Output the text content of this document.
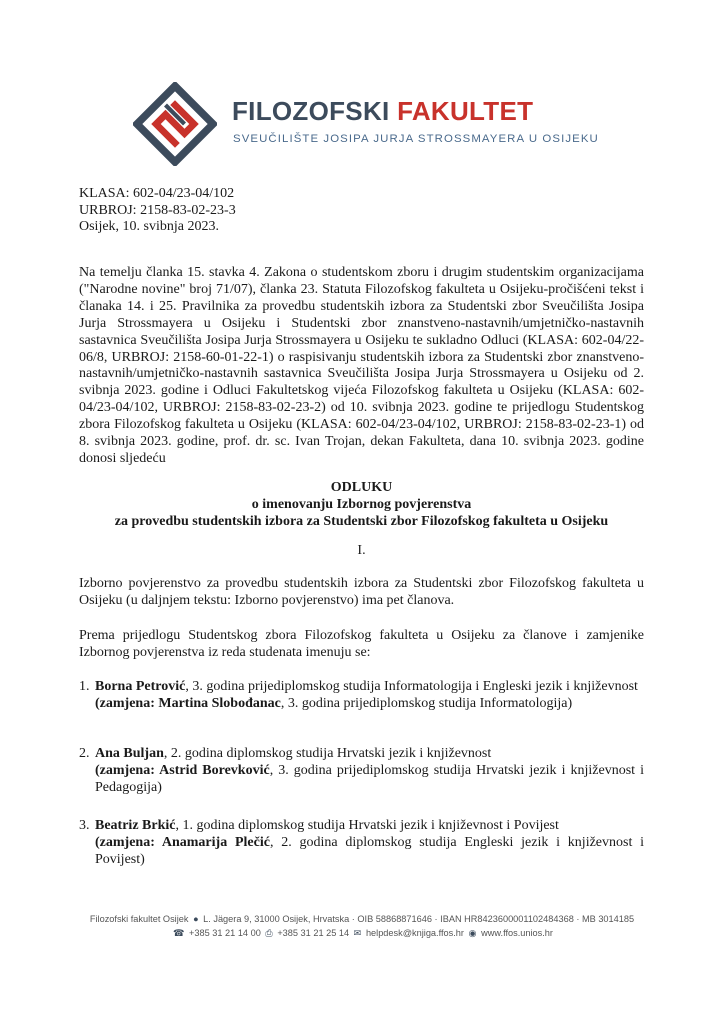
FILOZOFSKI FAKULTET
SVEUČILIŠTE JOSIPA JURJA STROSSMAYERA U OSIJEKU
KLASA: 602-04/23-04/102
URBROJ: 2158-83-02-23-3
Osijek, 10. svibnja 2023.
Na temelju članka 15. stavka 4. Zakona o studentskom zboru i drugim studentskim organizacijama ("Narodne novine" broj 71/07), članka 23. Statuta Filozofskog fakulteta u Osijeku-pročišćeni tekst i članaka 14. i 25. Pravilnika za provedbu studentskih izbora za Studentski zbor Sveučilišta Josipa Jurja Strossmayera u Osijeku i Studentski zbor znanstveno-nastavnih/umjetničko-nastavnih sastavnica Sveučilišta Josipa Jurja Strossmayera u Osijeku te sukladno Odluci (KLASA: 602-04/22-06/8, URBROJ: 2158-60-01-22-1) o raspisivanju studentskih izbora za Studentski zbor znanstveno-nastavnih/umjetničko-nastavnih sastavnica Sveučilišta Josipa Jurja Strossmayera u Osijeku od 2. svibnja 2023. godine i Odluci Fakultetskog vijeća Filozofskog fakulteta u Osijeku (KLASA: 602-04/23-04/102, URBROJ: 2158-83-02-23-2) od 10. svibnja 2023. godine te prijedlogu Studentskog zbora Filozofskog fakulteta u Osijeku (KLASA: 602-04/23-04/102, URBROJ: 2158-83-02-23-1) od 8. svibnja 2023. godine, prof. dr. sc. Ivan Trojan, dekan Fakulteta, dana 10. svibnja 2023. godine donosi sljedeću
ODLUKU
o imenovanju Izbornog povjerenstva
za provedbu studentskih izbora za Studentski zbor Filozofskog fakulteta u Osijeku
I.
Izborno povjerenstvo za provedbu studentskih izbora za Studentski zbor Filozofskog fakulteta u Osijeku (u daljnjem tekstu: Izborno povjerenstvo) ima pet članova.
Prema prijedlogu Studentskog zbora Filozofskog fakulteta u Osijeku za članove i zamjenike Izbornog povjerenstva iz reda studenata imenuju se:
1. Borna Petrović, 3. godina prijediplomskog studija Informatologija i Engleski jezik i književnost
(zamjena: Martina Slobođanac, 3. godina prijediplomskog studija Informatologija)
2. Ana Buljan, 2. godina diplomskog studija Hrvatski jezik i književnost
(zamjena: Astrid Borevković, 3. godina prijediplomskog studija Hrvatski jezik i književnost i Pedagogija)
3. Beatriz Brkić, 1. godina diplomskog studija Hrvatski jezik i književnost i Povijest
(zamjena: Anamarija Plečić, 2. godina diplomskog studija Engleski jezik i književnost i Povijest)
Filozofski fakultet Osijek ● L. Jägera 9, 31000 Osijek, Hrvatska · OIB 58868871646 · IBAN HR8423600001102484368 · MB 3014185
☎ +385 31 21 14 00 ⎙ +385 31 21 25 14 ✉ helpdesk@knjiga.ffos.hr ◉ www.ffos.unios.hr
